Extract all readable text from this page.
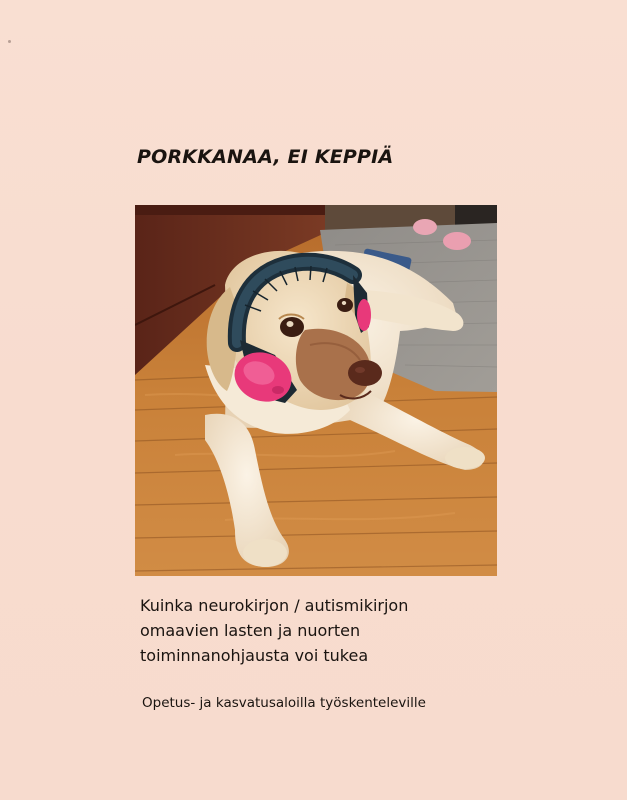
PORKKANAA, EI KEPPIÄ

Kuinka neurokirjon / autismikirjon
omaavien lasten ja nuorten
toiminnanohjausta voi tukea

Opetus- ja kasvatusaloilla työskenteleville
